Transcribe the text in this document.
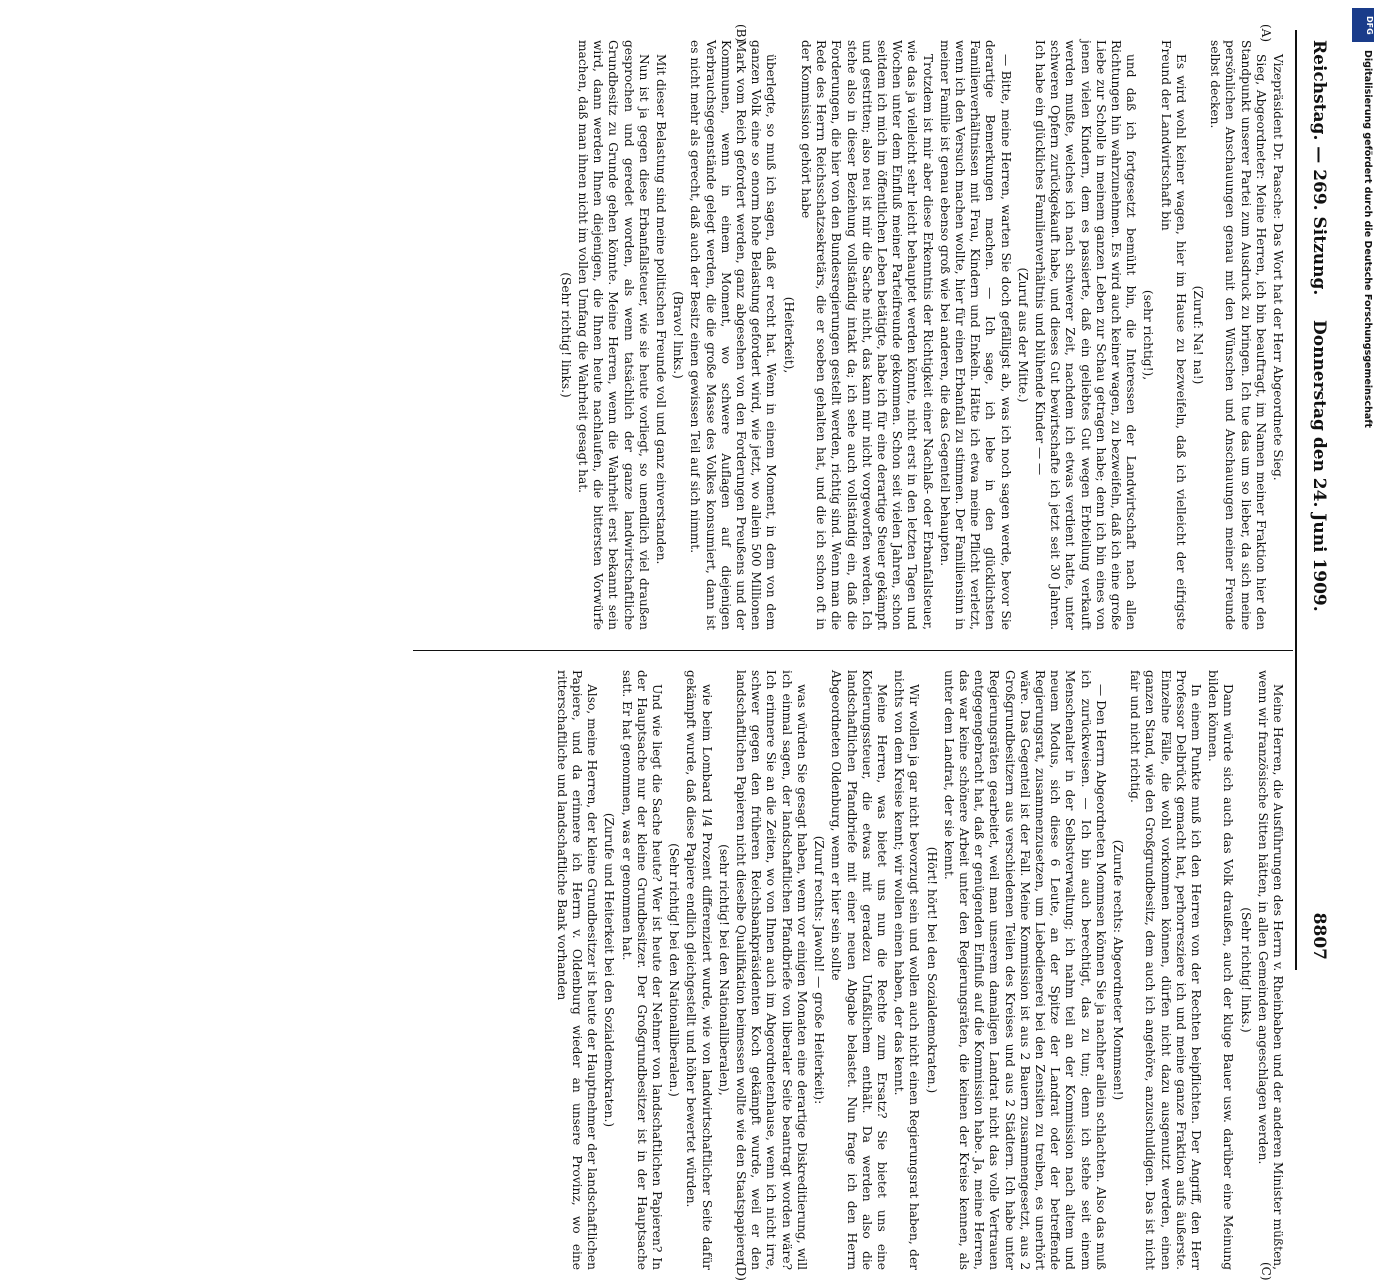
DFG
Digitalisierung gefördert durch die Deutsche Forschungsgemeinschaft
Reichstag. — 269. Sitzung.
Donnerstag den 24. Juni 1909.
8807
(A)
(B)
(C)
(D)

Vizepräsident Dr. Paasche: Das Wort hat der Herr Abgeordnete Sieg.

Sieg, Abgeordneter: Meine Herren, ich bin beauftragt, im Namen meiner Fraktion hier den Standpunkt unserer Partei zum Ausdruck zu bringen. Ich tue das um so lieber, da sich meine persönlichen Anschauungen genau mit den Wünschen und Anschauungen meiner Freunde selbst decken.

(Zuruf: Na! na!)

Es wird wohl keiner wagen, hier im Hause zu bezweifeln, daß ich vielleicht der eifrigste Freund der Landwirtschaft bin

(sehr richtig!),

und daß ich fortgesetzt bemüht bin, die Interessen der Landwirtschaft nach allen Richtungen hin wahrzunehmen. Es wird auch keiner wagen, zu bezweifeln, daß ich eine große Liebe zur Scholle in meinem ganzen Leben zur Schau getragen habe; denn ich bin eines von jenen vielen Kindern, dem es passierte, daß ein geliebtes Gut wegen Erbteilung verkauft werden mußte, welches ich nach schwerer Zeit, nachdem ich etwas verdient hatte, unter schweren Opfern zurückgekauft habe, und dieses Gut bewirtschafte ich jetzt seit 30 Jahren. Ich habe ein glückliches Familienverhältnis und blühende Kinder — —

(Zuruf aus der Mitte.)

— Bitte, meine Herren, warten Sie doch gefälligst ab, was ich noch sagen werde, bevor Sie derartige Bemerkungen machen. — Ich sage, ich lebe in den glücklichsten Familienverhältnissen mit Frau, Kindern und Enkeln. Hätte ich etwa meine Pflicht verletzt, wenn ich den Versuch machen wollte, hier für einen Erbanfall zu stimmen. Der Familiensinn in meiner Familie ist genau ebenso groß wie bei anderen, die das Gegenteil behaupten.

Trotzdem ist mir aber diese Erkenntnis der Richtigkeit einer Nachlaß- oder Erbanfallsteuer, wie das ja vielleicht sehr leicht behauptet werden könnte, nicht erst in den letzten Tagen und Wochen unter dem Einfluß meiner Parteifreunde gekommen. Schon seit vielen Jahren, schon seitdem ich mich im öffentlichen Leben betätigte, habe ich für eine derartige Steuer gekämpft und gestritten; also neu ist mir die Sache nicht, das kann mir nicht vorgeworfen werden. Ich stehe also in dieser Beziehung vollständig intakt da; ich sehe auch vollständig ein, daß die Forderungen, die hier von den Bundesregierungen gestellt werden, richtig sind. Wenn man die Rede des Herrn Reichsschatzsekretärs, die er soeben gehalten hat, und die ich schon oft in der Kommission gehört habe

(Heiterkeit),

überlegte, so muß ich sagen, daß er recht hat. Wenn in einem Moment, in dem von dem ganzen Volk eine so enorm hohe Belastung gefordert wird, wie jetzt, wo allein 500 Millionen Mark vom Reich gefordert werden, ganz abgesehen von den Forderungen Preußens und der Kommunen, wenn in einem Moment, wo schwere Auflagen auf diejenigen Verbrauchsgegenstände gelegt werden, die die große Masse des Volkes konsumiert, dann ist es nicht mehr als gerecht, daß auch der Besitz einen gewissen Teil auf sich nimmt.

(Bravo! links.)

Mit dieser Belastung sind meine politischen Freunde voll und ganz einverstanden.

Nun ist ja gegen diese Erbanfallsteuer, wie sie heute vorliegt, so unendlich viel draußen gesprochen und geredet worden, als wenn tatsächlich der ganze landwirtschaftliche Grundbesitz zu Grunde gehen könnte. Meine Herren, wenn die Wahrheit erst bekannt sein wird, dann werden Ihnen diejenigen, die Ihnen heute nachlaufen, die bittersten Vorwürfe machen, daß man ihnen nicht im vollen Umfang die Wahrheit gesagt hat.

(Sehr richtig! links.)

Meine Herren, die Ausführungen des Herrn v. Rheinbaben und der anderen Minister müßten, wenn wir französische Sitten hätten, in allen Gemeinden angeschlagen werden.

(Sehr richtig! links.)

Dann würde sich auch das Volk draußen, auch der kluge Bauer usw. darüber eine Meinung bilden können.

In einem Punkte muß ich den Herren von der Rechten beipflichten. Der Angriff, den Herr Professor Delbrück gemacht hat, perhorresziere ich und meine ganze Fraktion aufs äußerste. Einzelne Fälle, die wohl vorkommen können, dürfen nicht dazu ausgenutzt werden, einen ganzen Stand, wie den Großgrundbesitz, dem auch ich angehöre, anzuschuldigen. Das ist nicht fair und nicht richtig.

(Zurufe rechts: Abgeordneter Mommsen!)

— Den Herrn Abgeordneten Mommsen können Sie ja nachher allein schlachten. Also das muß ich zurückweisen. — Ich bin auch berechtigt, das zu tun; denn ich stehe seit einem Menschenalter in der Selbstverwaltung; ich nahm teil an der Kommission nach altem und neuem Modus, sich diese 6 Leute, an der Spitze der Landrat oder der betreffende Regierungsrat, zusammenzusetzen, um Liebedienerei bei den Zensiten zu treiben, es unerhört wäre. Das Gegenteil ist der Fall. Meine Kommission ist aus 2 Bauern zusammengesetzt, aus 2 Großgrundbesitzern aus verschiedenen Teilen des Kreises und aus 2 Städtern. Ich habe unter Regierungsräten gearbeitet, weil man unserem damaligen Landrat nicht das volle Vertrauen entgegengebracht hat, daß er genügenden Einfluß auf die Kommission habe. Ja, meine Herren, das war keine schönere Arbeit unter den Regierungsräten, die keinen der Kreise kennen, als unter dem Landrat, der sie kennt.

(Hört! hört! bei den Sozialdemokraten.)

Wir wollen ja gar nicht bevorzugt sein und wollen auch nicht einen Regierungsrat haben, der nichts von dem Kreise kennt; wir wollen einen haben, der das kennt.

Meine Herren, was bietet uns nun die Rechte zum Ersatz? Sie bietet uns eine Kotierungssteuer, die etwas mit geradezu Unfaßlichem enthält. Da werden also die landschaftlichen Pfandbriefe mit einer neuen Abgabe belastet. Nun frage ich den Herrn Abgeordneten Oldenburg, wenn er hier sein sollte

(Zuruf rechts: Jawohl! — große Heiterkeit):

was würden Sie gesagt haben, wenn vor einigen Monaten eine derartige Diskreditierung, will ich einmal sagen, der landschaftlichen Pfandbriefe von liberaler Seite beantragt worden wäre? Ich erinnere Sie an die Zeiten, wo von Ihnen auch im Abgeordnetenhause, wenn ich nicht irre, schwer gegen den früheren Reichsbankpräsidenten Koch gekämpft wurde, weil er den landschaftlichen Papieren nicht dieselbe Qualifikation beimessen wollte wie den Staatspapieren

(sehr richtig! bei den Nationalliberalen),

wie beim Lombard 1/4 Prozent differenziert wurde, wie von landwirtschaftlicher Seite dafür gekämpft wurde, daß diese Papiere endlich gleichgestellt und höher bewertet würden.

(Sehr richtig! bei den Nationalliberalen.)

Und wie liegt die Sache heute? Wer ist heute der Nehmer von landschaftlichen Papieren? In der Hauptsache nur der kleine Grundbesitzer. Der Großgrundbesitzer ist in der Hauptsache satt. Er hat genommen, was er genommen hat.

(Zurufe und Heiterkeit bei den Sozialdemokraten.)

Also, meine Herren, der kleine Grundbesitzer ist heute der Hauptnehmer der landschaftlichen Papiere, und da erinnere ich Herrn v. Oldenburg wieder an unsere Provinz, wo eine ritterschaftliche und landschaftliche Bank vorhanden
